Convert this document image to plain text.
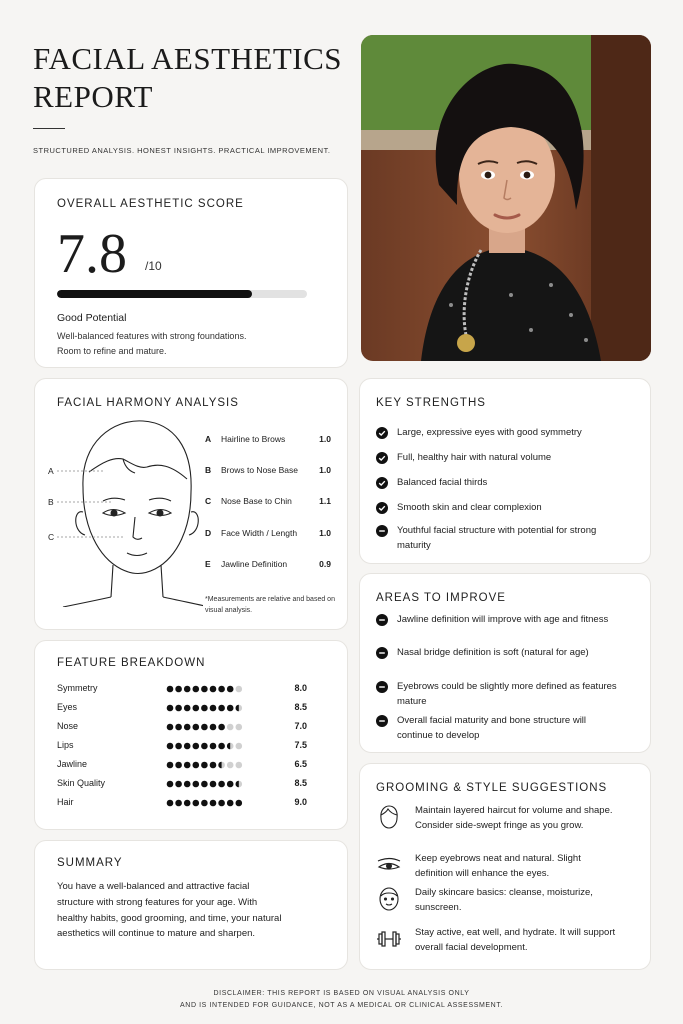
FACIAL AESTHETICS REPORT
STRUCTURED ANALYSIS. HONEST INSIGHTS. PRACTICAL IMPROVEMENT.
OVERALL AESTHETIC SCORE
7.8 /10
Good Potential
Well-balanced features with strong foundations. Room to refine and mature.
FACIAL HARMONY ANALYSIS
A
B
C
A Hairline to Brows	1.0
B Brows to Nose Base 1.0
C Nose Base to Chin	1.1
D Face Width / Length	1.0
E Jawline Definition	0.9
*Measurements are relative and based on visual analysis.
FEATURE BREAKDOWN
Symmetry	8.0
Eyes	8.5
Nose	7.0
Lips	7.5
Jawline	6.5
Skin Quality	8.5
Hair	9.0
SUMMARY
You have a well-balanced and attractive facial structure with strong features for your age. With healthy habits, good grooming, and time, your natural aesthetics will continue to mature and sharpen.
KEY STRENGTHS
Large, expressive eyes with good symmetry
Full, healthy hair with natural volume
Balanced facial thirds
Smooth skin and clear complexion
Youthful facial structure with potential for strong maturity
AREAS TO IMPROVE
Jawline definition will improve with age and fitness
Nasal bridge definition is soft (natural for age)
Eyebrows could be slightly more defined as features mature
Overall facial maturity and bone structure will continue to develop
GROOMING & STYLE SUGGESTIONS
Maintain layered haircut for volume and shape. Consider side-swept fringe as you grow.
Keep eyebrows neat and natural. Slight definition will enhance the eyes.
Daily skincare basics: cleanse, moisturize, sunscreen.
Stay active, eat well, and hydrate. It will support overall facial development.
DISCLAIMER: THIS REPORT IS BASED ON VISUAL ANALYSIS ONLY
AND IS INTENDED FOR GUIDANCE, NOT AS A MEDICAL OR CLINICAL ASSESSMENT.
